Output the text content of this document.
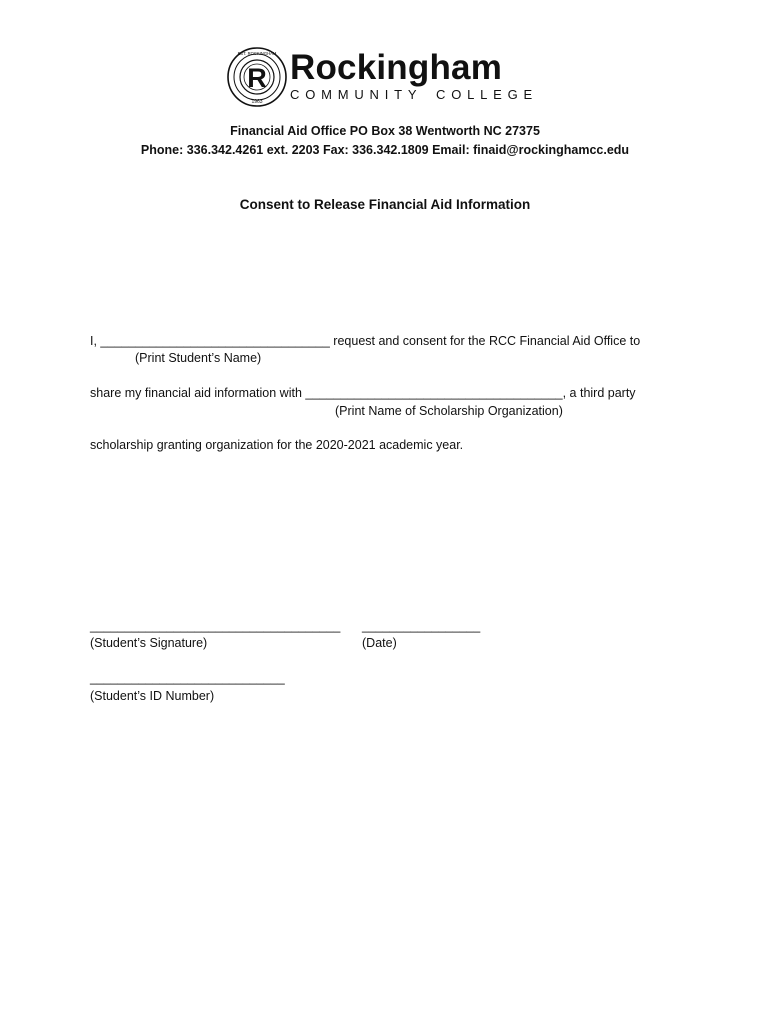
R
EST. ROCKINGHAM
1963
Rockingham
COMMUNITY COLLEGE
Financial Aid Office PO Box 38 Wentworth NC 27375
Phone: 336.342.4261 ext. 2203 Fax: 336.342.1809 Email: finaid@rockinghamcc.edu
Consent to Release Financial Aid Information
I, _________________________________ request and consent for the RCC Financial Aid Office to
(Print Student’s Name)
share my financial aid information with _____________________________________, a third party
(Print Name of Scholarship Organization)
scholarship granting organization for the 2020-2021 academic year.
____________________________________ _________________
(Student’s Signature)	(Date)
____________________________
(Student’s ID Number)
